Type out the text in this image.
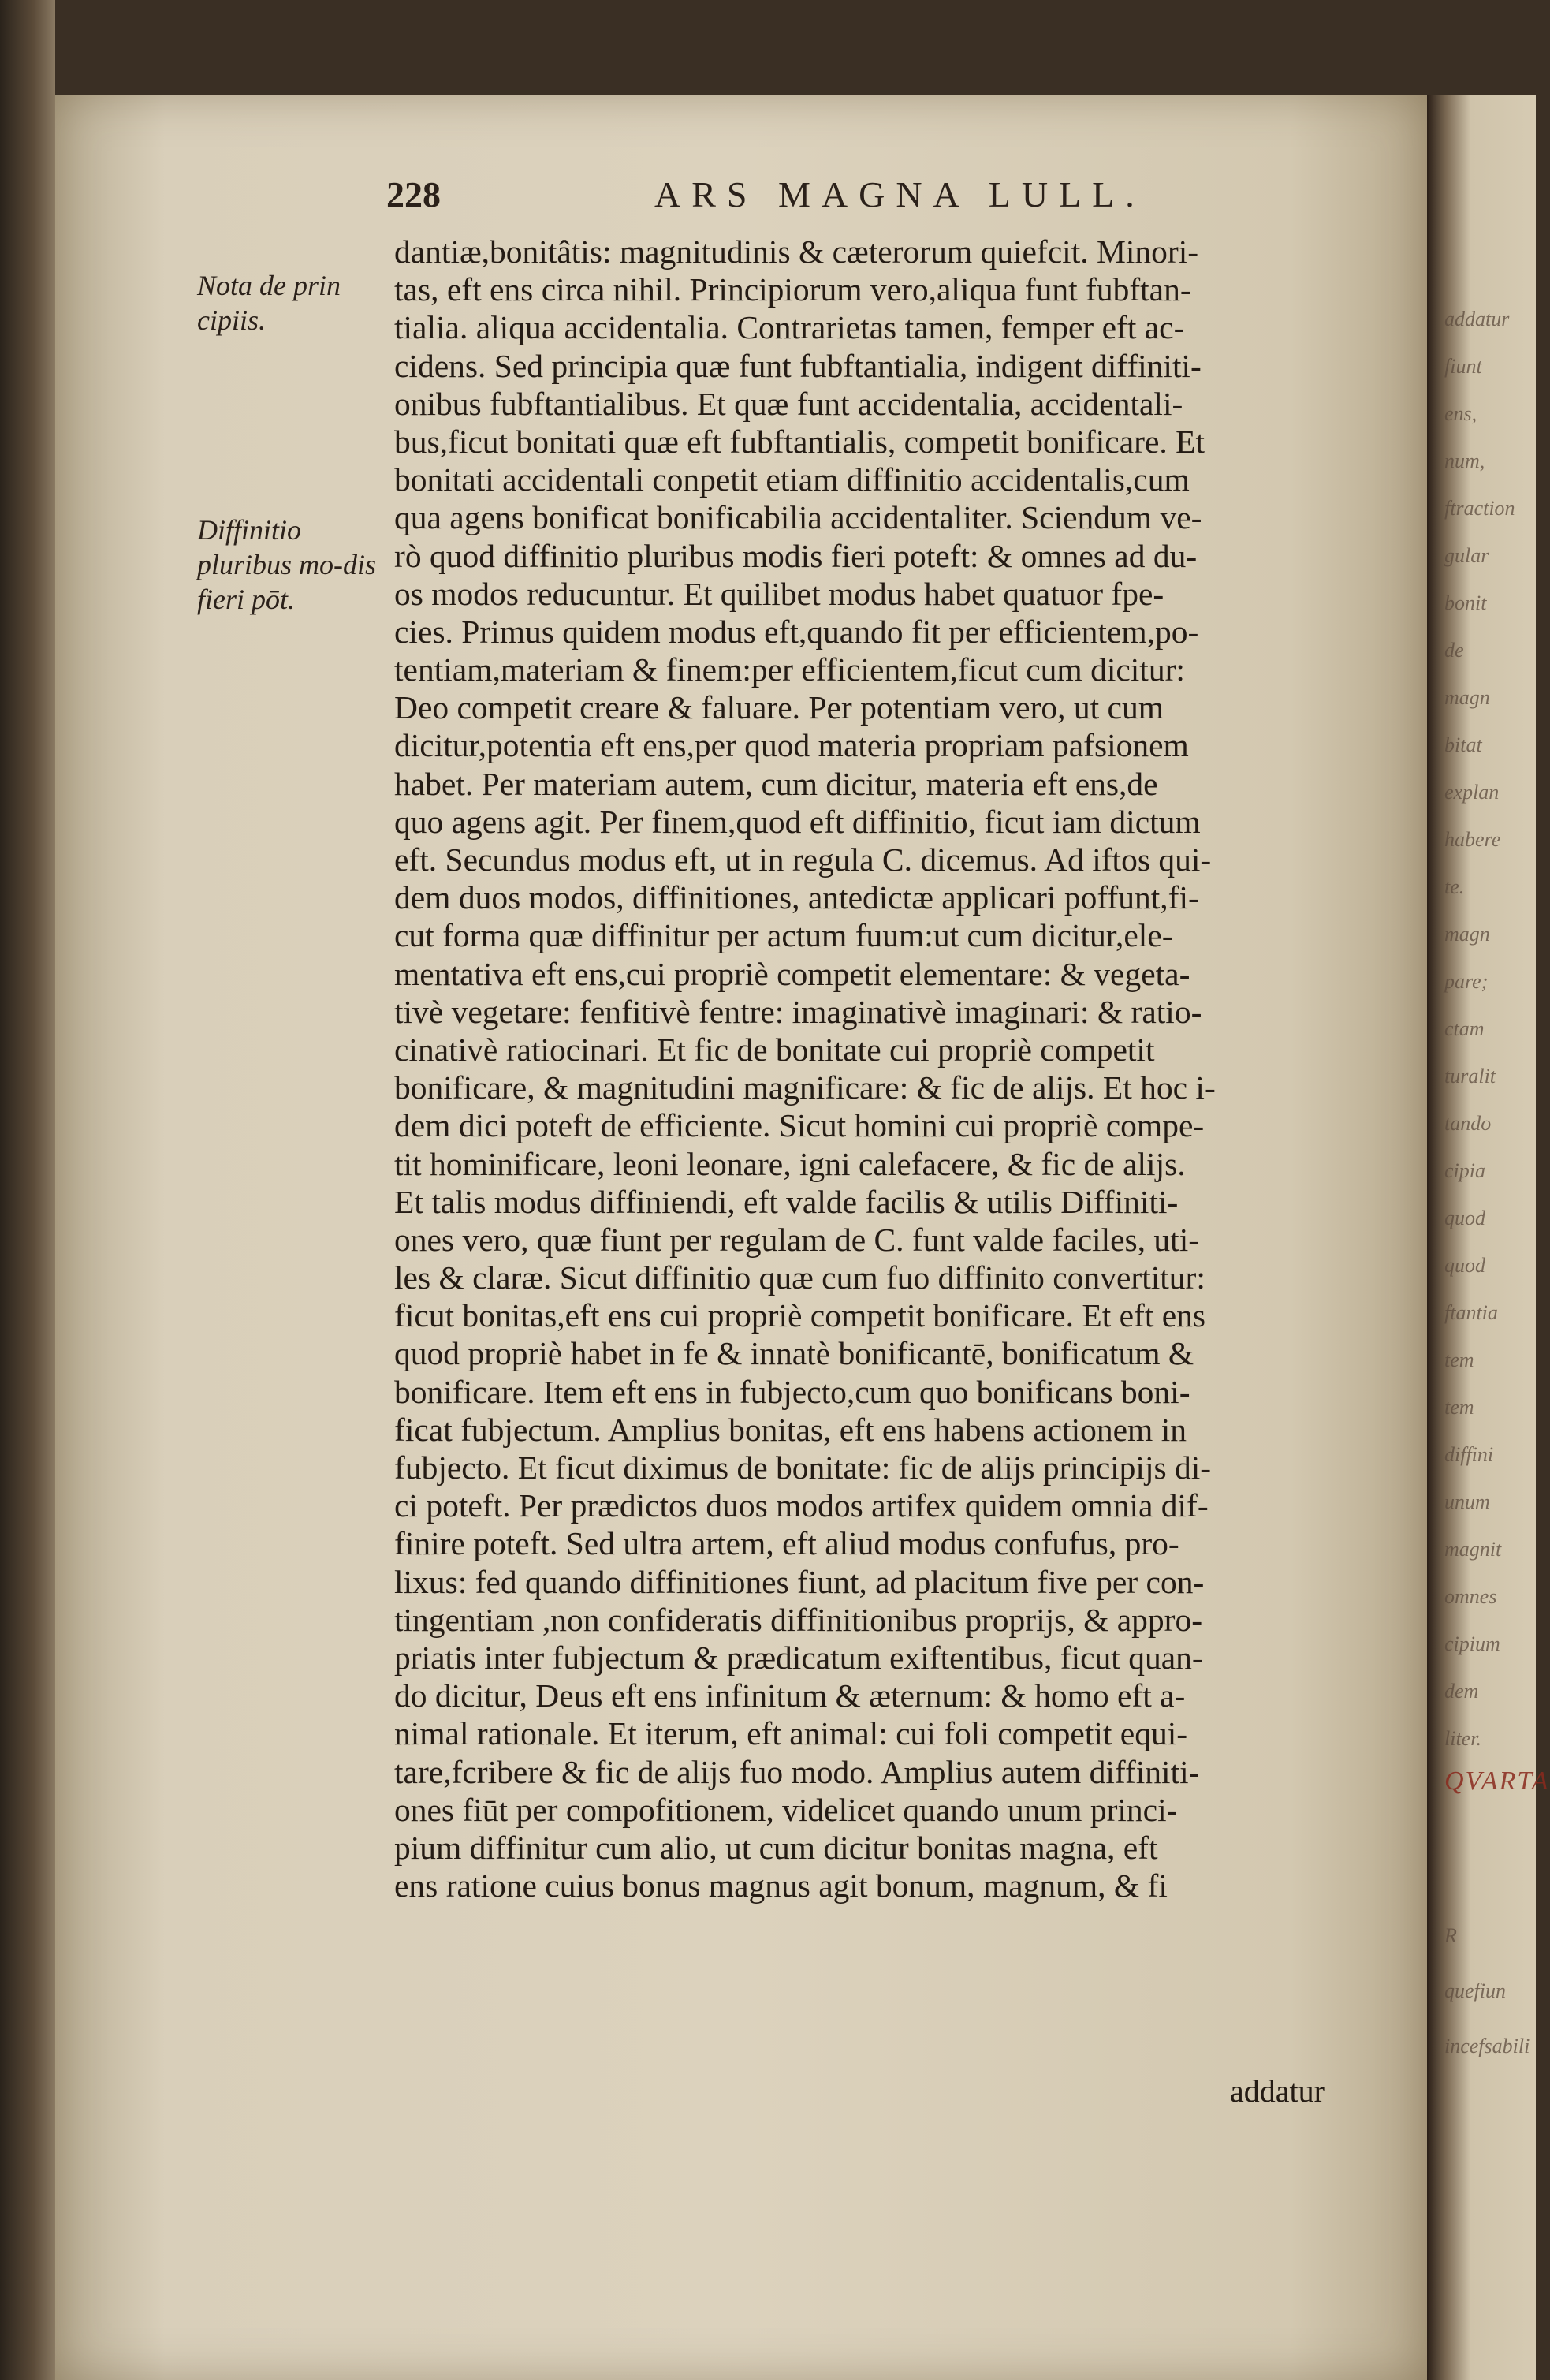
addatur
fiunt
ens,
num,
ftraction
gular
bonit
de
magn
bitat
explan
habere
te.
magn
pare;
ctam
turalit
tando
cipia
quod
quod
ftantia
tem
tem
diffini
unum
magnit
omnes
cipium
dem
liter.
QVARTA
R
quefiun
incefsabili
228	ARS MAGNA LULL.
Nota de prin cipiis.
Diffinitio pluribus mo-dis fieri pōt.
dantiæ,bonitâtis: magnitudinis & cæterorum quiefcit. Minori-
tas, eft ens circa nihil. Principiorum vero,aliqua funt fubftan-
tialia. aliqua accidentalia. Contrarietas tamen, femper eft ac-
cidens. Sed principia quæ funt fubftantialia, indigent diffiniti-
onibus fubftantialibus. Et quæ funt accidentalia, accidentali-
bus,ficut bonitati quæ eft fubftantialis, competit bonificare. Et
bonitati accidentali conpetit etiam diffinitio accidentalis,cum
qua agens bonificat bonificabilia accidentaliter. Sciendum ve-
rò quod diffinitio pluribus modis fieri poteft: & omnes ad du-
os modos reducuntur. Et quilibet modus habet quatuor fpe-
cies. Primus quidem modus eft,quando fit per efficientem,po-
tentiam,materiam & finem:per efficientem,ficut cum dicitur:
Deo competit creare & faluare. Per potentiam vero, ut cum
dicitur,potentia eft ens,per quod materia propriam pafsionem
habet. Per materiam autem, cum dicitur, materia eft ens,de
quo agens agit. Per finem,quod eft diffinitio, ficut iam dictum
eft. Secundus modus eft, ut in regula C. dicemus. Ad iftos qui-
dem duos modos, diffinitiones, antedictæ applicari poffunt,fi-
cut forma quæ diffinitur per actum fuum:ut cum dicitur,ele-
mentativa eft ens,cui propriè competit elementare: & vegeta-
tivè vegetare: fenfitivè fentre: imaginativè imaginari: & ratio-
cinativè ratiocinari. Et fic de bonitate cui propriè competit
bonificare, & magnitudini magnificare: & fic de alijs. Et hoc i-
dem dici poteft de efficiente. Sicut homini cui propriè compe-
tit hominificare, leoni leonare, igni calefacere, & fic de alijs.
Et talis modus diffiniendi, eft valde facilis & utilis Diffiniti-
ones vero, quæ fiunt per regulam de C. funt valde faciles, uti-
les & claræ. Sicut diffinitio quæ cum fuo diffinito convertitur:
ficut bonitas,eft ens cui propriè competit bonificare. Et eft ens
quod propriè habet in fe & innatè bonificantē, bonificatum &
bonificare. Item eft ens in fubjecto,cum quo bonificans boni-
ficat fubjectum. Amplius bonitas, eft ens habens actionem in
fubjecto. Et ficut diximus de bonitate: fic de alijs principijs di-
ci poteft. Per prædictos duos modos artifex quidem omnia dif-
finire poteft. Sed ultra artem, eft aliud modus confufus, pro-
lixus: fed quando diffinitiones fiunt, ad placitum five per con-
tingentiam ,non confideratis diffinitionibus proprijs, & appro-
priatis inter fubjectum & prædicatum exiftentibus, ficut quan-
do dicitur, Deus eft ens infinitum & æternum: & homo eft a-
nimal rationale. Et iterum, eft animal: cui foli competit equi-
tare,fcribere & fic de alijs fuo modo. Amplius autem diffiniti-
ones fiūt per compofitionem, videlicet quando unum princi-
pium diffinitur cum alio, ut cum dicitur bonitas magna, eft
ens ratione cuius bonus magnus agit bonum, magnum, & fi
addatur
